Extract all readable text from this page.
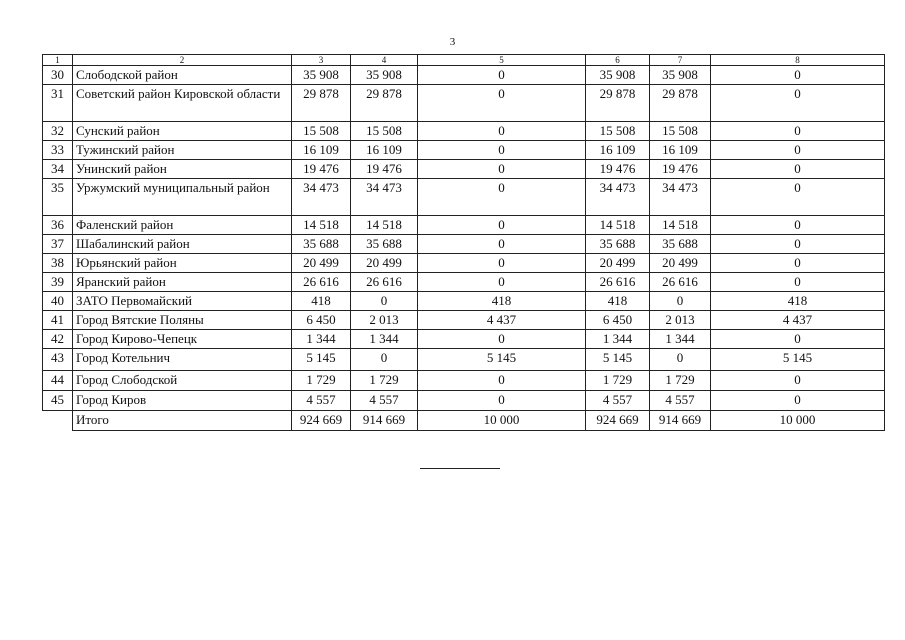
3
1	2	3	4	5	6	7	8
30	Слободской район	35 908	35 908	0	35 908	35 908	0
31	Советский район Кировской области	29 878	29 878	0	29 878	29 878	0
32	Сунский район	15 508	15 508	0	15 508	15 508	0
33	Тужинский район	16 109	16 109	0	16 109	16 109	0
34	Унинский район	19 476	19 476	0	19 476	19 476	0
35	Уржумский муниципальный район	34 473	34 473	0	34 473	34 473	0
36	Фаленский район	14 518	14 518	0	14 518	14 518	0
37	Шабалинский район	35 688	35 688	0	35 688	35 688	0
38	Юрьянский район	20 499	20 499	0	20 499	20 499	0
39	Яранский район	26 616	26 616	0	26 616	26 616	0
40	ЗАТО Первомайский	418	0	418	418	0	418
41	Город Вятские Поляны	6 450	2 013	4 437	6 450	2 013	4 437
42	Город Кирово-Чепецк	1 344	1 344	0	1 344	1 344	0
43	Город Котельнич	5 145	0	5 145	5 145	0	5 145
44	Город Слободской	1 729	1 729	0	1 729	1 729	0
45	Город Киров	4 557	4 557	0	4 557	4 557	0
	Итого	924 669	914 669	10 000	924 669	914 669	10 000
